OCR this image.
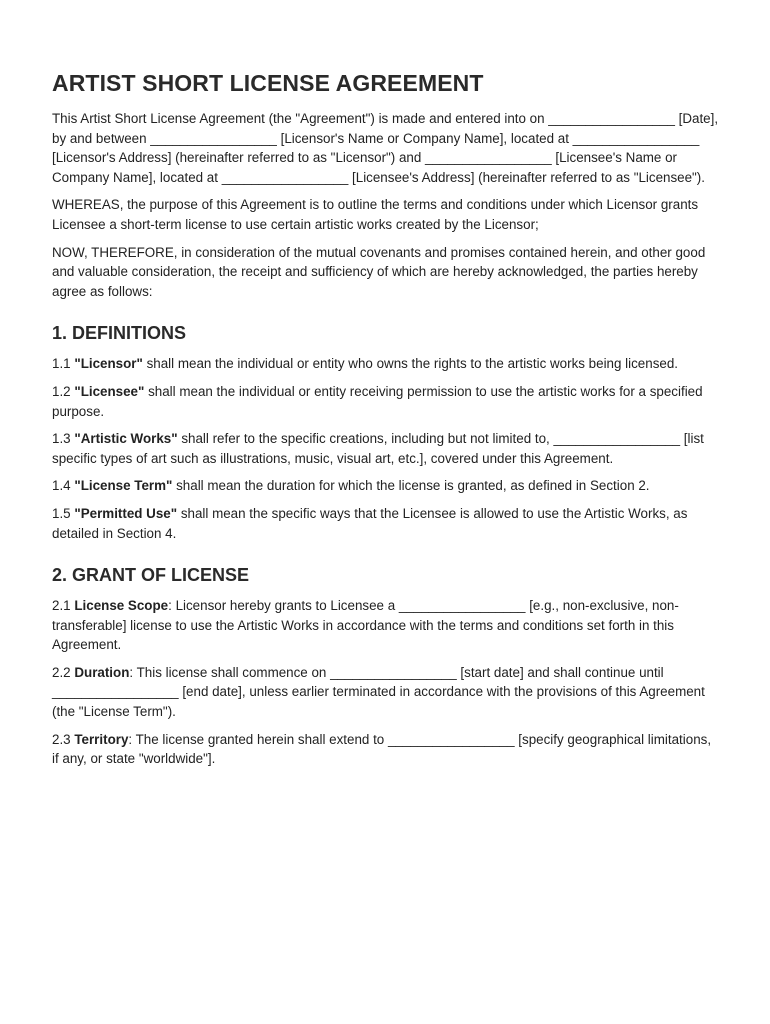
ARTIST SHORT LICENSE AGREEMENT

This Artist Short License Agreement (the "Agreement") is made and entered into on _________________ [Date], by and between _________________ [Licensor's Name or Company Name], located at _________________ [Licensor's Address] (hereinafter referred to as "Licensor") and _________________ [Licensee's Name or Company Name], located at _________________ [Licensee's Address] (hereinafter referred to as "Licensee").

WHEREAS, the purpose of this Agreement is to outline the terms and conditions under which Licensor grants Licensee a short-term license to use certain artistic works created by the Licensor;

NOW, THEREFORE, in consideration of the mutual covenants and promises contained herein, and other good and valuable consideration, the receipt and sufficiency of which are hereby acknowledged, the parties hereby agree as follows:

1. DEFINITIONS

1.1 "Licensor" shall mean the individual or entity who owns the rights to the artistic works being licensed.

1.2 "Licensee" shall mean the individual or entity receiving permission to use the artistic works for a specified purpose.

1.3 "Artistic Works" shall refer to the specific creations, including but not limited to, _________________ [list specific types of art such as illustrations, music, visual art, etc.], covered under this Agreement.

1.4 "License Term" shall mean the duration for which the license is granted, as defined in Section 2.

1.5 "Permitted Use" shall mean the specific ways that the Licensee is allowed to use the Artistic Works, as detailed in Section 4.

2. GRANT OF LICENSE

2.1 License Scope: Licensor hereby grants to Licensee a _________________ [e.g., non-exclusive, non-transferable] license to use the Artistic Works in accordance with the terms and conditions set forth in this Agreement.

2.2 Duration: This license shall commence on _________________ [start date] and shall continue until _________________ [end date], unless earlier terminated in accordance with the provisions of this Agreement (the "License Term").

2.3 Territory: The license granted herein shall extend to _________________ [specify geographical limitations, if any, or state "worldwide"].
